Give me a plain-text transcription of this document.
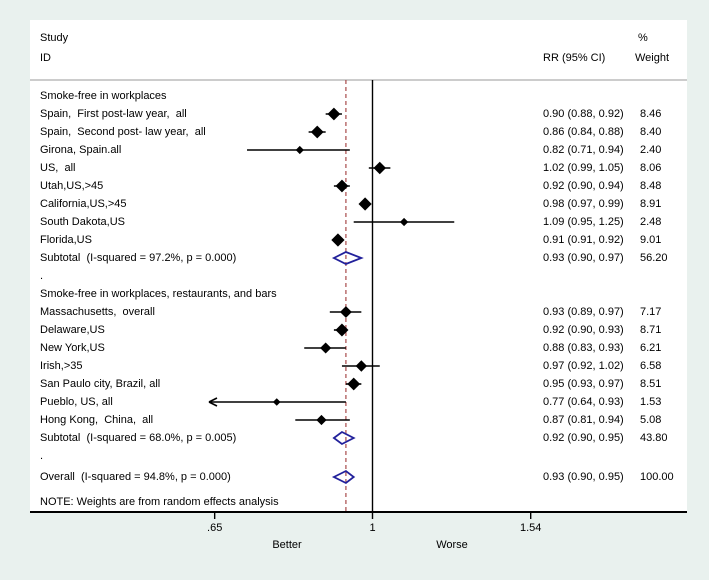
Study
ID
%
RR (95% CI)	Weight
Better	Worse
Smoke-free in workplaces
Spain,  First post-law year,  all	0.90 (0.88, 0.92) 8.46
Spain,  Second post- law year,  all	0.86 (0.84, 0.88) 8.40
Girona, Spain.all	0.82 (0.71, 0.94) 2.40
US,  all	1.02 (0.99, 1.05) 8.06
Utah,US,>45	0.92 (0.90, 0.94) 8.48
California,US,>45	0.98 (0.97, 0.99) 8.91
South Dakota,US	1.09 (0.95, 1.25) 2.48
Florida,US	0.91 (0.91, 0.92) 9.01
Subtotal  (I-squared = 97.2%, p = 0.000)	0.93 (0.90, 0.97) 56.20
.
Smoke-free in workplaces, restaurants, and bars
Massachusetts,  overall	0.93 (0.89, 0.97) 7.17
Delaware,US	0.92 (0.90, 0.93) 8.71
New York,US	0.88 (0.83, 0.93) 6.21
Irish,>35	0.97 (0.92, 1.02) 6.58
San Paulo city, Brazil, all	0.95 (0.93, 0.97) 8.51
Pueblo, US, all	0.77 (0.64, 0.93) 1.53
Hong Kong,  China,  all	0.87 (0.81, 0.94) 5.08
Subtotal  (I-squared = 68.0%, p = 0.005)	0.92 (0.90, 0.95) 43.80
.
Overall  (I-squared = 94.8%, p = 0.000)	0.93 (0.90, 0.95) 100.00
NOTE: Weights are from random effects analysis
.65	1	1.54
